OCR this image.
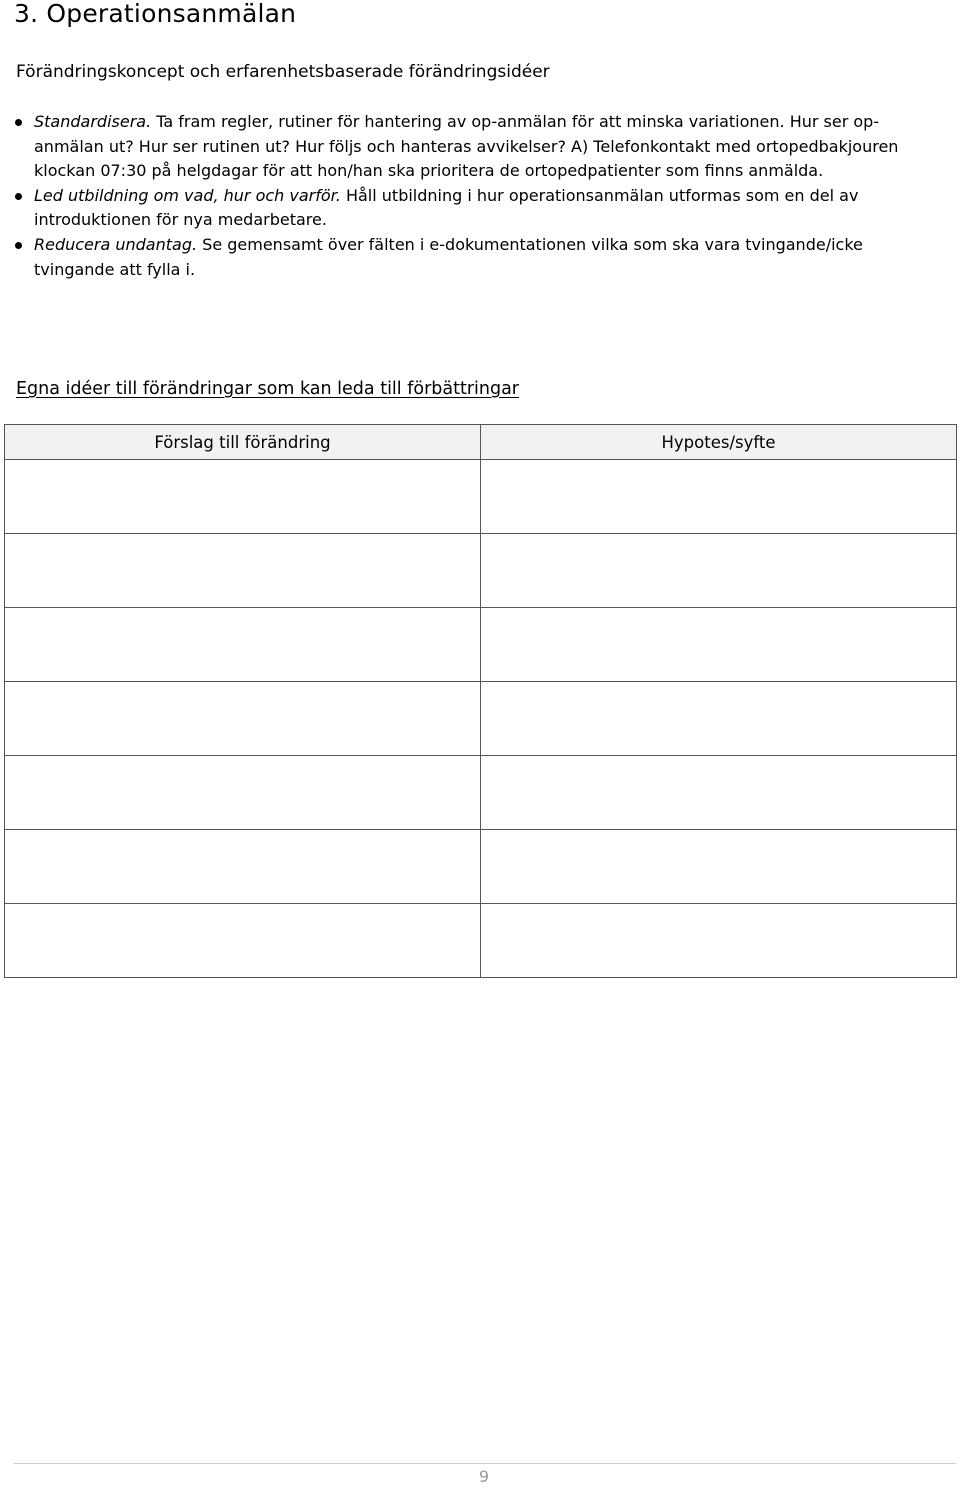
3. Operationsanmälan
Förändringskoncept och erfarenhetsbaserade förändringsidéer
Standardisera. Ta fram regler, rutiner för hantering av op-anmälan för att minska variationen. Hur ser op-anmälan ut? Hur ser rutinen ut? Hur följs och hanteras avvikelser? A) Telefonkontakt med ortopedbakjouren klockan 07:30 på helgdagar för att hon/han ska prioritera de ortopedpatienter som finns anmälda.
Led utbildning om vad, hur och varför. Håll utbildning i hur operationsanmälan utformas som en del av introduktionen för nya medarbetare.
Reducera undantag. Se gemensamt över fälten i e-dokumentationen vilka som ska vara tvingande/icke tvingande att fylla i.
Egna idéer till förändringar som kan leda till förbättringar
Förslag till förändring	Hypotes/syfte

9
